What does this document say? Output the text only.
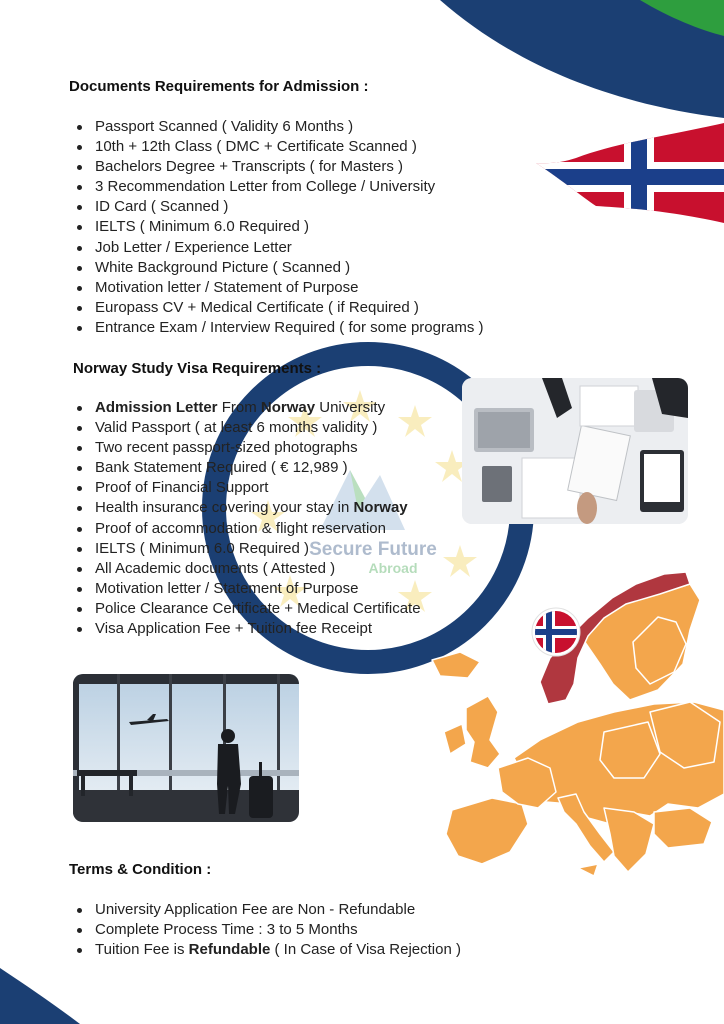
Secure Future
Abroad
Documents Requirements for Admission :
Passport Scanned ( Validity 6 Months )
10th + 12th Class ( DMC + Certificate Scanned )
Bachelors Degree + Transcripts ( for Masters )
3 Recommendation Letter from College / University
ID Card ( Scanned )
IELTS ( Minimum 6.0 Required )
Job Letter / Experience Letter
White Background Picture ( Scanned )
Motivation letter / Statement of Purpose
Europass CV + Medical Certificate ( if Required )
Entrance Exam / Interview Required ( for some programs )
Norway Study Visa Requirements :
Admission Letter From Norway University
Valid Passport ( at least 6 months validity )
Two recent passport-sized photographs
Bank Statement Required ( € 12,989 )
Proof of Financial Support
Health insurance covering your stay in Norway
Proof of accommodation & flight reservation
IELTS ( Minimum 6.0 Required )
All Academic documents ( Attested )
Motivation letter / Statement of Purpose
Police Clearance Certificate + Medical Certificate
Visa Application Fee + Tuition fee Receipt
Terms & Condition :
University Application Fee are Non - Refundable
Complete Process Time : 3 to 5 Months
Tuition Fee is Refundable ( In Case of Visa Rejection )
